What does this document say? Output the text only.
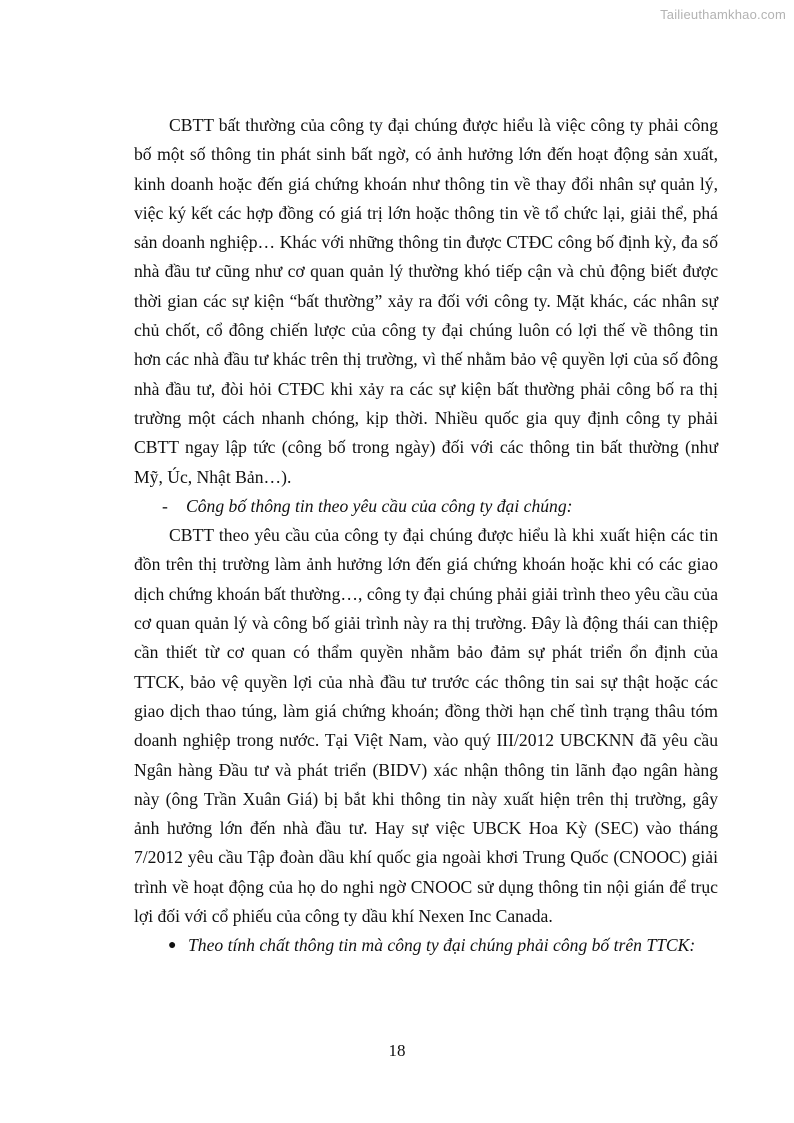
Tailieuthamkhao.com

CBTT bất thường của công ty đại chúng được hiểu là việc công ty phải công bố một số thông tin phát sinh bất ngờ, có ảnh hưởng lớn đến hoạt động sản xuất, kinh doanh hoặc đến giá chứng khoán như thông tin về thay đổi nhân sự quản lý, việc ký kết các hợp đồng có giá trị lớn hoặc thông tin về tổ chức lại, giải thể, phá sản doanh nghiệp… Khác với những thông tin được CTĐC công bố định kỳ, đa số nhà đầu tư cũng như cơ quan quản lý thường khó tiếp cận và chủ động biết được thời gian các sự kiện “bất thường” xảy ra đối với công ty. Mặt khác, các nhân sự chủ chốt, cổ đông chiến lược của công ty đại chúng luôn có lợi thế về thông tin hơn các nhà đầu tư khác trên thị trường, vì thế nhằm bảo vệ quyền lợi của số đông nhà đầu tư, đòi hỏi CTĐC khi xảy ra các sự kiện bất thường phải công bố ra thị trường một cách nhanh chóng, kịp thời. Nhiều quốc gia quy định công ty phải CBTT ngay lập tức (công bố trong ngày) đối với các thông tin bất thường (như Mỹ, Úc, Nhật Bản…).

- Công bố thông tin theo yêu cầu của công ty đại chúng:

CBTT theo yêu cầu của công ty đại chúng được hiểu là khi xuất hiện các tin đồn trên thị trường làm ảnh hưởng lớn đến giá chứng khoán hoặc khi có các giao dịch chứng khoán bất thường…, công ty đại chúng phải giải trình theo yêu cầu của cơ quan quản lý và công bố giải trình này ra thị trường. Đây là động thái can thiệp cần thiết từ cơ quan có thẩm quyền nhằm bảo đảm sự phát triển ổn định của TTCK, bảo vệ quyền lợi của nhà đầu tư trước các thông tin sai sự thật hoặc các giao dịch thao túng, làm giá chứng khoán; đồng thời hạn chế tình trạng thâu tóm doanh nghiệp trong nước. Tại Việt Nam, vào quý III/2012 UBCKNN đã yêu cầu Ngân hàng Đầu tư và phát triển (BIDV) xác nhận thông tin lãnh đạo ngân hàng này (ông Trần Xuân Giá) bị bắt khi thông tin này xuất hiện trên thị trường, gây ảnh hưởng lớn đến nhà đầu tư. Hay sự việc UBCK Hoa Kỳ (SEC) vào tháng 7/2012 yêu cầu Tập đoàn dầu khí quốc gia ngoài khơi Trung Quốc (CNOOC) giải trình về hoạt động của họ do nghi ngờ CNOOC sử dụng thông tin nội gián để trục lợi đối với cổ phiếu của công ty dầu khí Nexen Inc Canada.

● Theo tính chất thông tin mà công ty đại chúng phải công bố trên TTCK:

18
